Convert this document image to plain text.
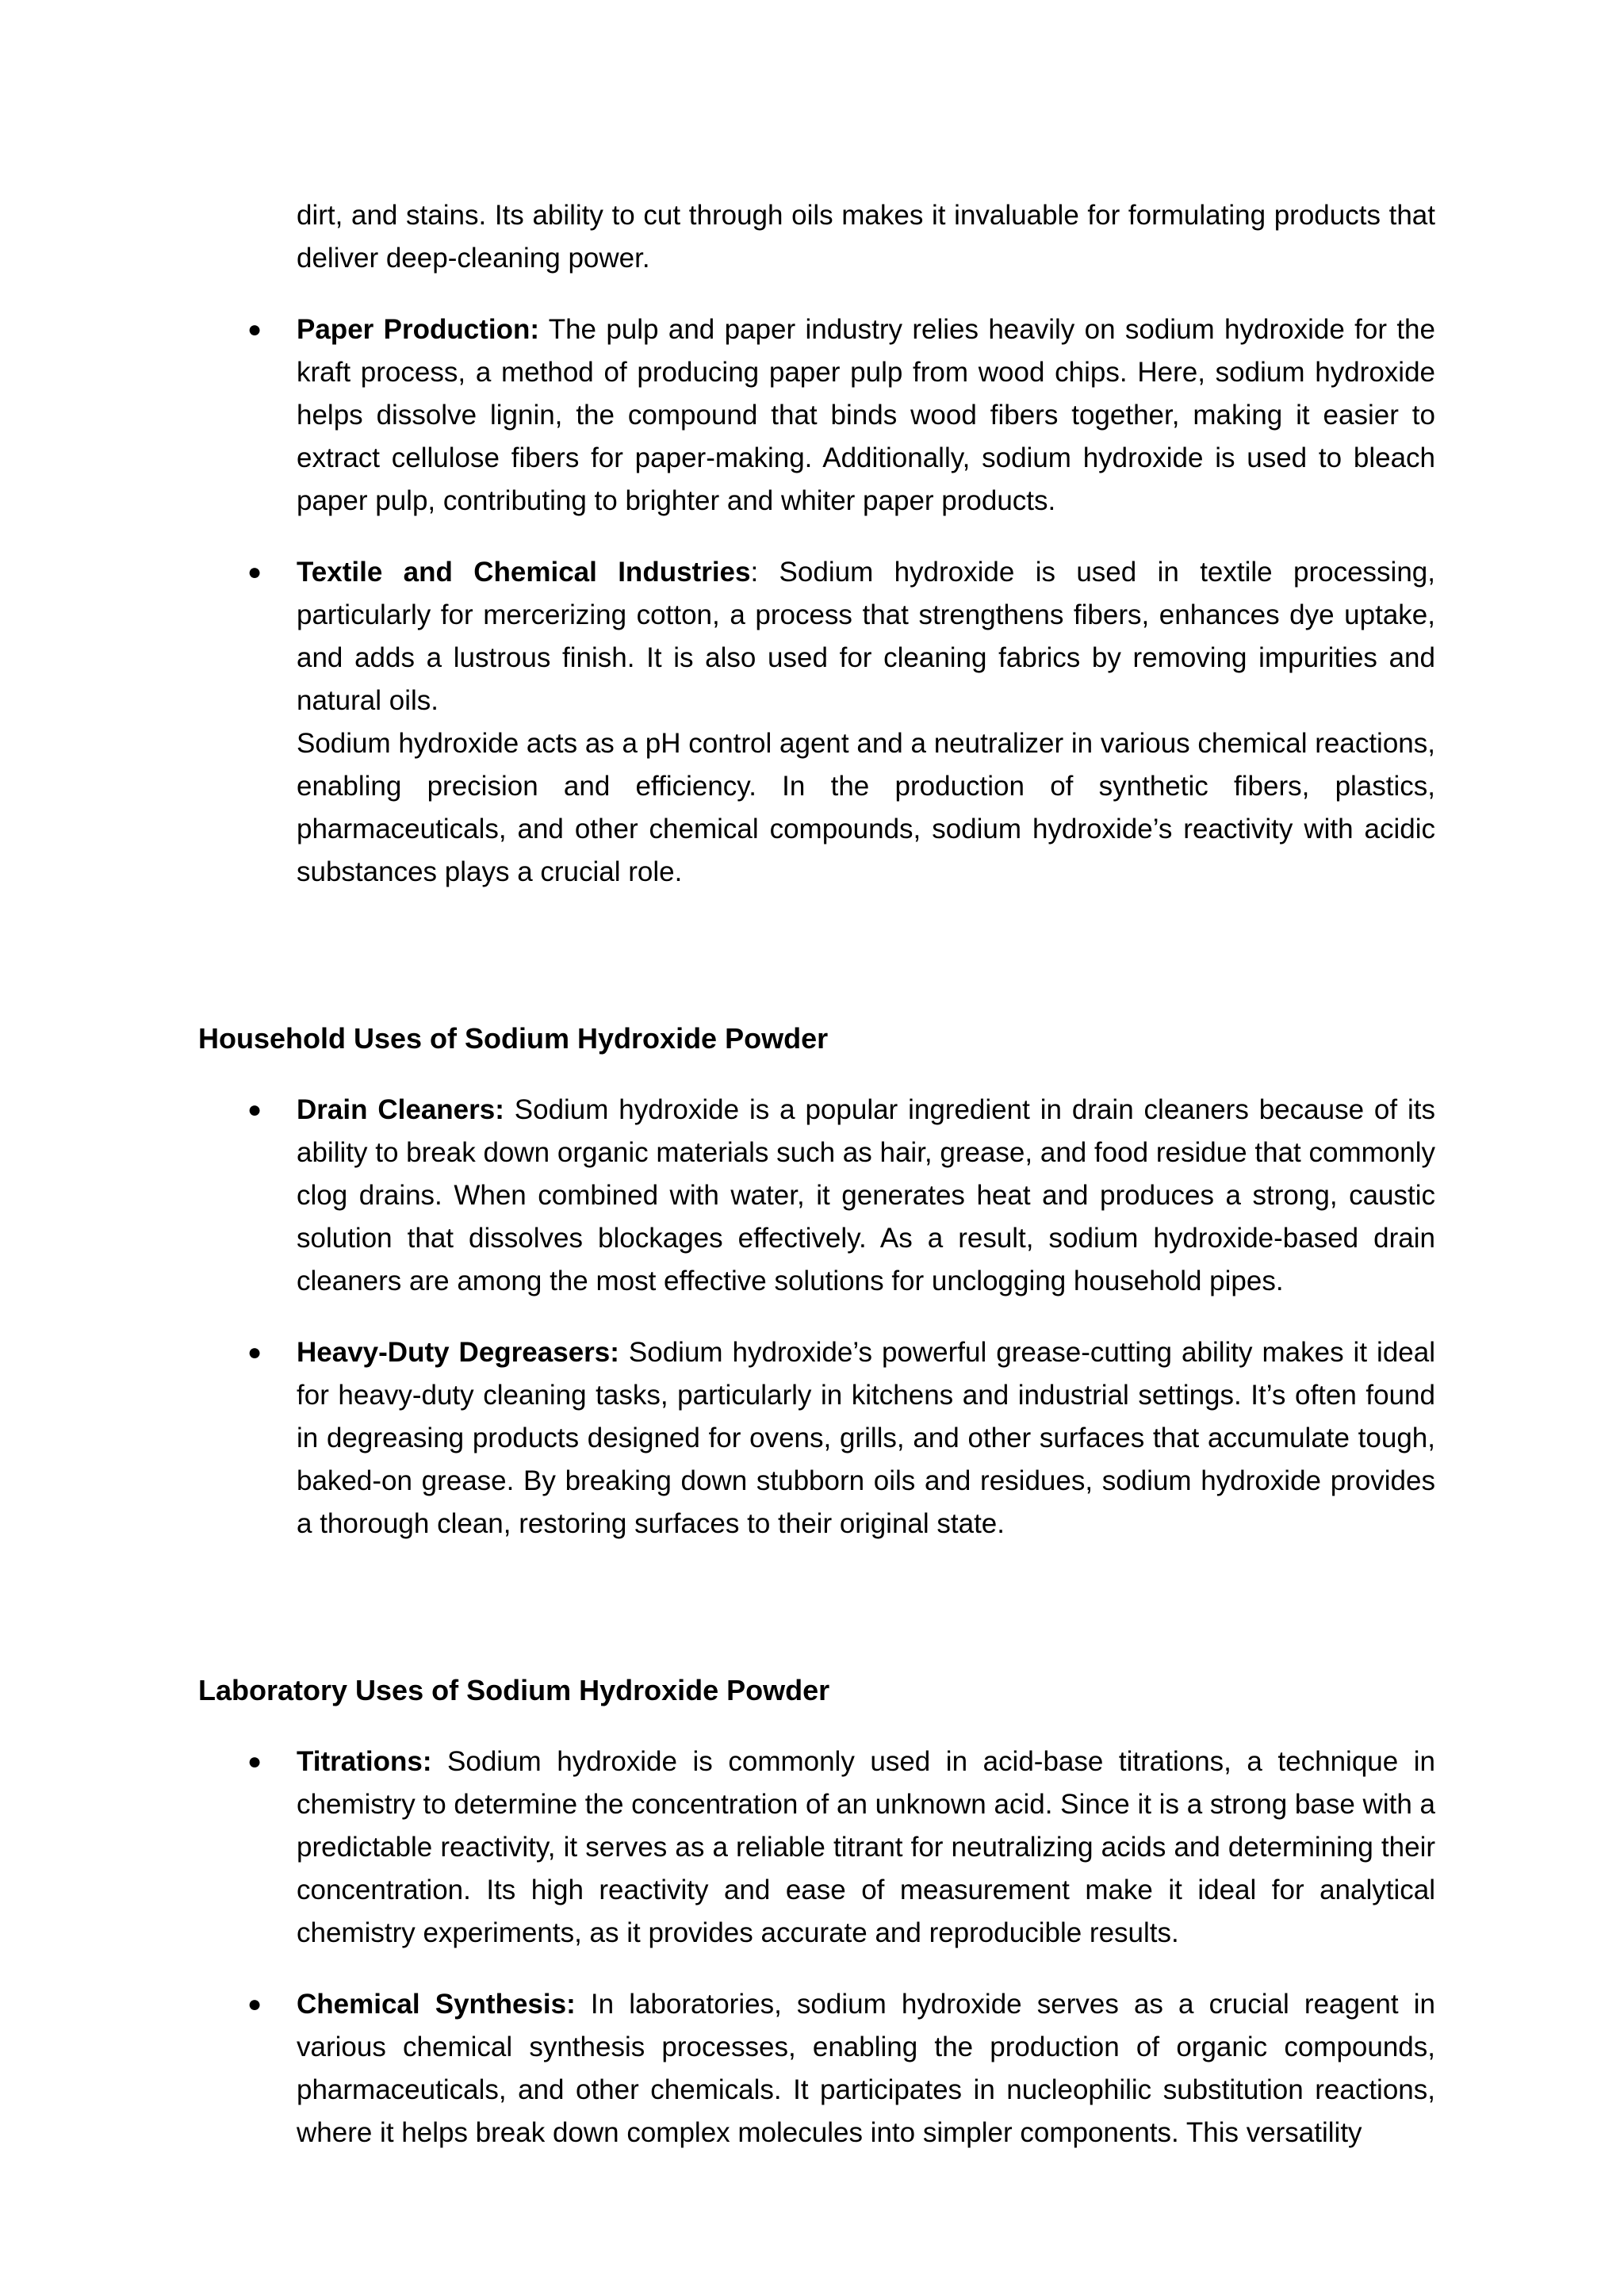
dirt, and stains. Its ability to cut through oils makes it invaluable for formulating products that deliver deep-cleaning power.

● Paper Production: The pulp and paper industry relies heavily on sodium hydroxide for the kraft process, a method of producing paper pulp from wood chips. Here, sodium hydroxide helps dissolve lignin, the compound that binds wood fibers together, making it easier to extract cellulose fibers for paper-making. Additionally, sodium hydroxide is used to bleach paper pulp, contributing to brighter and whiter paper products.

● Textile and Chemical Industries: Sodium hydroxide is used in textile processing, particularly for mercerizing cotton, a process that strengthens fibers, enhances dye uptake, and adds a lustrous finish. It is also used for cleaning fabrics by removing impurities and natural oils.
Sodium hydroxide acts as a pH control agent and a neutralizer in various chemical reactions, enabling precision and efficiency. In the production of synthetic fibers, plastics, pharmaceuticals, and other chemical compounds, sodium hydroxide’s reactivity with acidic substances plays a crucial role.

Household Uses of Sodium Hydroxide Powder
● Drain Cleaners: Sodium hydroxide is a popular ingredient in drain cleaners because of its ability to break down organic materials such as hair, grease, and food residue that commonly clog drains. When combined with water, it generates heat and produces a strong, caustic solution that dissolves blockages effectively. As a result, sodium hydroxide-based drain cleaners are among the most effective solutions for unclogging household pipes.

● Heavy-Duty Degreasers: Sodium hydroxide’s powerful grease-cutting ability makes it ideal for heavy-duty cleaning tasks, particularly in kitchens and industrial settings. It’s often found in degreasing products designed for ovens, grills, and other surfaces that accumulate tough, baked-on grease. By breaking down stubborn oils and residues, sodium hydroxide provides a thorough clean, restoring surfaces to their original state.

Laboratory Uses of Sodium Hydroxide Powder
● Titrations: Sodium hydroxide is commonly used in acid-base titrations, a technique in chemistry to determine the concentration of an unknown acid. Since it is a strong base with a predictable reactivity, it serves as a reliable titrant for neutralizing acids and determining their concentration. Its high reactivity and ease of measurement make it ideal for analytical chemistry experiments, as it provides accurate and reproducible results.

● Chemical Synthesis: In laboratories, sodium hydroxide serves as a crucial reagent in various chemical synthesis processes, enabling the production of organic compounds, pharmaceuticals, and other chemicals. It participates in nucleophilic substitution reactions, where it helps break down complex molecules into simpler components. This versatility
